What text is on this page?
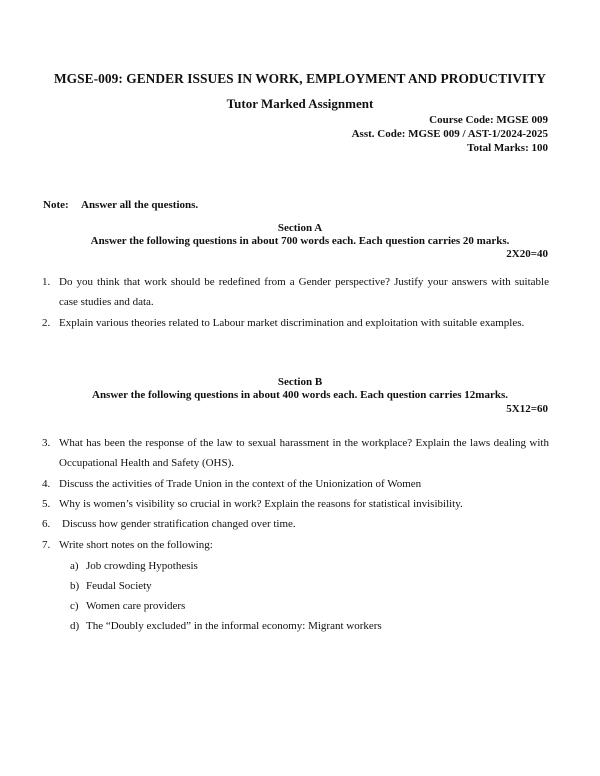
MGSE-009: GENDER ISSUES IN WORK, EMPLOYMENT AND PRODUCTIVITY
Tutor Marked Assignment
Course Code: MGSE 009
Asst. Code: MGSE 009 / AST-1/2024-2025
Total Marks: 100
Note: Answer all the questions.
Section A
Answer the following questions in about 700 words each. Each question carries 20 marks.
2X20=40
1. Do you think that work should be redefined from a Gender perspective? Justify your answers with suitable case studies and data.
2. Explain various theories related to Labour market discrimination and exploitation with suitable examples.
Section B
Answer the following questions in about 400 words each. Each question carries 12marks.
5X12=60
3. What has been the response of the law to sexual harassment in the workplace? Explain the laws dealing with Occupational Health and Safety (OHS).
4. Discuss the activities of Trade Union in the context of the Unionization of Women
5. Why is women’s visibility so crucial in work? Explain the reasons for statistical invisibility.
6.	Discuss how gender stratification changed over time.
7. Write short notes on the following:
a) Job crowding Hypothesis
b) Feudal Society
c) Women care providers
d) The “Doubly excluded” in the informal economy: Migrant workers
